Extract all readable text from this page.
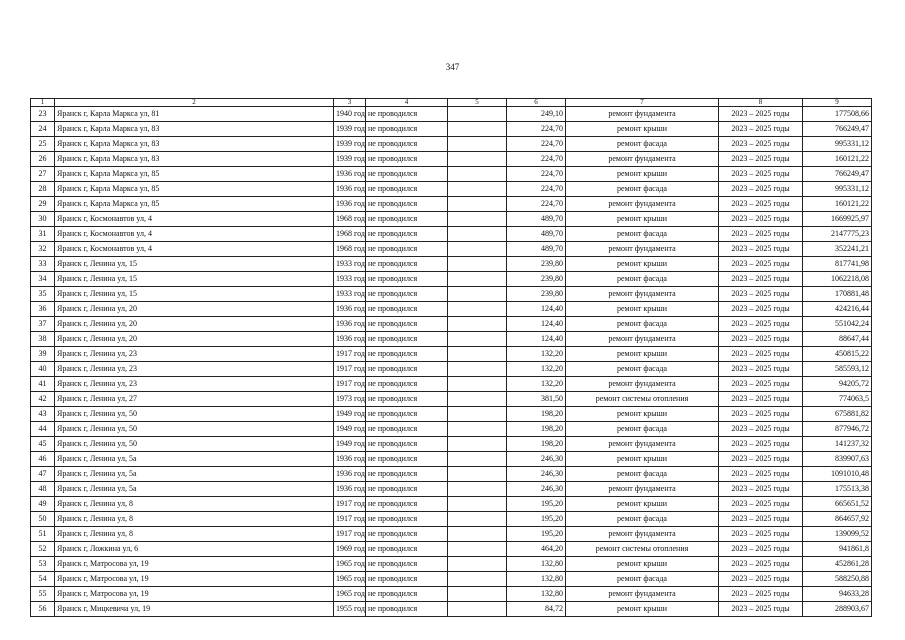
347
1	2	3	4	5	6	7	8	9
23	Яранск г, Карла Маркса ул, 81	1940 год	не проводился		249,10	ремонт фундамента	2023 – 2025 годы	177508,66
24	Яранск г, Карла Маркса ул, 83	1939 год	не проводился		224,70	ремонт крыши	2023 – 2025 годы	766249,47
25	Яранск г, Карла Маркса ул, 83	1939 год	не проводился		224,70	ремонт фасада	2023 – 2025 годы	995331,12
26	Яранск г, Карла Маркса ул, 83	1939 год	не проводился		224,70	ремонт фундамента	2023 – 2025 годы	160121,22
27	Яранск г, Карла Маркса ул, 85	1936 год	не проводился		224,70	ремонт крыши	2023 – 2025 годы	766249,47
28	Яранск г, Карла Маркса ул, 85	1936 год	не проводился		224,70	ремонт фасада	2023 – 2025 годы	995331,12
29	Яранск г, Карла Маркса ул, 85	1936 год	не проводился		224,70	ремонт фундамента	2023 – 2025 годы	160121,22
30	Яранск г, Космонавтов ул, 4	1968 год	не проводился		489,70	ремонт крыши	2023 – 2025 годы	1669925,97
31	Яранск г, Космонавтов ул, 4	1968 год	не проводился		489,70	ремонт фасада	2023 – 2025 годы	2147775,23
32	Яранск г, Космонавтов ул, 4	1968 год	не проводился		489,70	ремонт фундамента	2023 – 2025 годы	352241,21
33	Яранск г, Ленина ул, 15	1933 год	не проводился		239,80	ремонт крыши	2023 – 2025 годы	817741,98
34	Яранск г, Ленина ул, 15	1933 год	не проводился		239,80	ремонт фасада	2023 – 2025 годы	1062218,08
35	Яранск г, Ленина ул, 15	1933 год	не проводился		239,80	ремонт фундамента	2023 – 2025 годы	170881,48
36	Яранск г, Ленина ул, 20	1936 год	не проводился		124,40	ремонт крыши	2023 – 2025 годы	424216,44
37	Яранск г, Ленина ул, 20	1936 год	не проводился		124,40	ремонт фасада	2023 – 2025 годы	551042,24
38	Яранск г, Ленина ул, 20	1936 год	не проводился		124,40	ремонт фундамента	2023 – 2025 годы	88647,44
39	Яранск г, Ленина ул, 23	1917 год	не проводился		132,20	ремонт крыши	2023 – 2025 годы	450815,22
40	Яранск г, Ленина ул, 23	1917 год	не проводился		132,20	ремонт фасада	2023 – 2025 годы	585593,12
41	Яранск г, Ленина ул, 23	1917 год	не проводился		132,20	ремонт фундамента	2023 – 2025 годы	94205,72
42	Яранск г, Ленина ул, 27	1973 год	не проводился		381,50	ремонт системы отопления	2023 – 2025 годы	774063,5
43	Яранск г, Ленина ул, 50	1949 год	не проводился		198,20	ремонт крыши	2023 – 2025 годы	675881,82
44	Яранск г, Ленина ул, 50	1949 год	не проводился		198,20	ремонт фасада	2023 – 2025 годы	877946,72
45	Яранск г, Ленина ул, 50	1949 год	не проводился		198,20	ремонт фундамента	2023 – 2025 годы	141237,32
46	Яранск г, Ленина ул, 5а	1936 год	не проводился		246,30	ремонт крыши	2023 – 2025 годы	839907,63
47	Яранск г, Ленина ул, 5а	1936 год	не проводился		246,30	ремонт фасада	2023 – 2025 годы	1091010,48
48	Яранск г, Ленина ул, 5а	1936 год	не проводился		246,30	ремонт фундамента	2023 – 2025 годы	175513,38
49	Яранск г, Ленина ул, 8	1917 год	не проводился		195,20	ремонт крыши	2023 – 2025 годы	665651,52
50	Яранск г, Ленина ул, 8	1917 год	не проводился		195,20	ремонт фасада	2023 – 2025 годы	864657,92
51	Яранск г, Ленина ул, 8	1917 год	не проводился		195,20	ремонт фундамента	2023 – 2025 годы	139099,52
52	Яранск г, Ложкина ул, 6	1969 год	не проводился		464,20	ремонт системы отопления	2023 – 2025 годы	941861,8
53	Яранск г, Матросова ул, 19	1965 год	не проводился		132,80	ремонт крыши	2023 – 2025 годы	452861,28
54	Яранск г, Матросова ул, 19	1965 год	не проводился		132,80	ремонт фасада	2023 – 2025 годы	588250,88
55	Яранск г, Матросова ул, 19	1965 год	не проводился		132,80	ремонт фундамента	2023 – 2025 годы	94633,28
56	Яранск г, Мицкевича ул, 19	1955 год	не проводился		84,72	ремонт крыши	2023 – 2025 годы	288903,67
